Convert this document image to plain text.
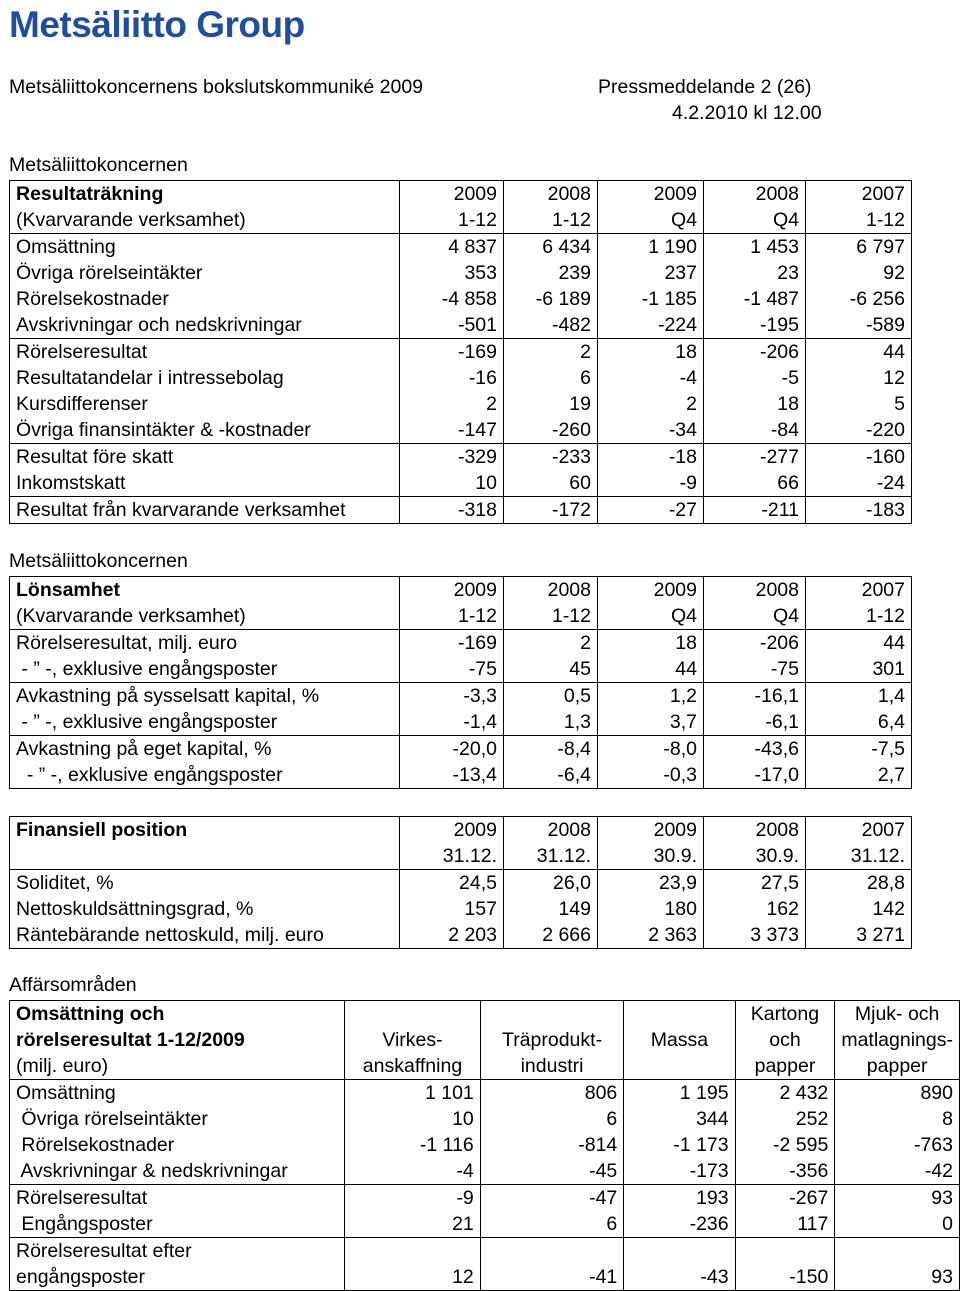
Metsäliitto Group
Metsäliittokoncernens bokslutskommuniké 2009	Pressmeddelande 2 (26)
4.2.2010 kl 12.00
Metsäliittokoncernen
Resultaträkning	2009	2008	2009	2008	2007
(Kvarvarande verksamhet)	1-12	1-12	Q4	Q4	1-12
Omsättning	4 837	6 434	1 190	1 453	6 797
Övriga rörelseintäkter	353	239	237	23	92
Rörelsekostnader	-4 858	-6 189	-1 185	-1 487	-6 256
Avskrivningar och nedskrivningar	-501	-482	-224	-195	-589
Rörelseresultat	-169	2	18	-206	44
Resultatandelar i intressebolag	-16	6	-4	-5	12
Kursdifferenser	2	19	2	18	5
Övriga finansintäkter & -kostnader	-147	-260	-34	-84	-220
Resultat före skatt	-329	-233	-18	-277	-160
Inkomstskatt	10	60	-9	66	-24
Resultat från kvarvarande verksamhet	-318	-172	-27	-211	-183
Metsäliittokoncernen
Lönsamhet	2009	2008	2009	2008	2007
(Kvarvarande verksamhet)	1-12	1-12	Q4	Q4	1-12
Rörelseresultat, milj. euro	-169	2	18	-206	44
- ” -, exklusive engångsposter	-75	45	44	-75	301
Avkastning på sysselsatt kapital, %	-3,3	0,5	1,2	-16,1	1,4
- ” -, exklusive engångsposter	-1,4	1,3	3,7	-6,1	6,4
Avkastning på eget kapital, %	-20,0	-8,4	-8,0	-43,6	-7,5
- ” -, exklusive engångsposter	-13,4	-6,4	-0,3	-17,0	2,7
Finansiell position	2009	2008	2009	2008	2007
	31.12.	31.12.	30.9.	30.9.	31.12.
Soliditet, %	24,5	26,0	23,9	27,5	28,8
Nettoskuldsättningsgrad, %	157	149	180	162	142
Räntebärande nettoskuld, milj. euro	2 203	2 666	2 363	3 373	3 271
Affärsområden
Omsättning och				Kartong	Mjuk- och
rörelseresultat 1-12/2009	Virkes-	Träprodukt-	Massa	och	matlagnings-
(milj. euro)	anskaffning	industri		papper	papper
Omsättning	1 101	806	1 195	2 432	890
Övriga rörelseintäkter	10	6	344	252	8
Rörelsekostnader	-1 116	-814	-1 173	-2 595	-763
Avskrivningar & nedskrivningar	-4	-45	-173	-356	-42
Rörelseresultat	-9	-47	193	-267	93
Engångsposter	21	6	-236	117	0
Rörelseresultat efter					
engångsposter	12	-41	-43	-150	93
